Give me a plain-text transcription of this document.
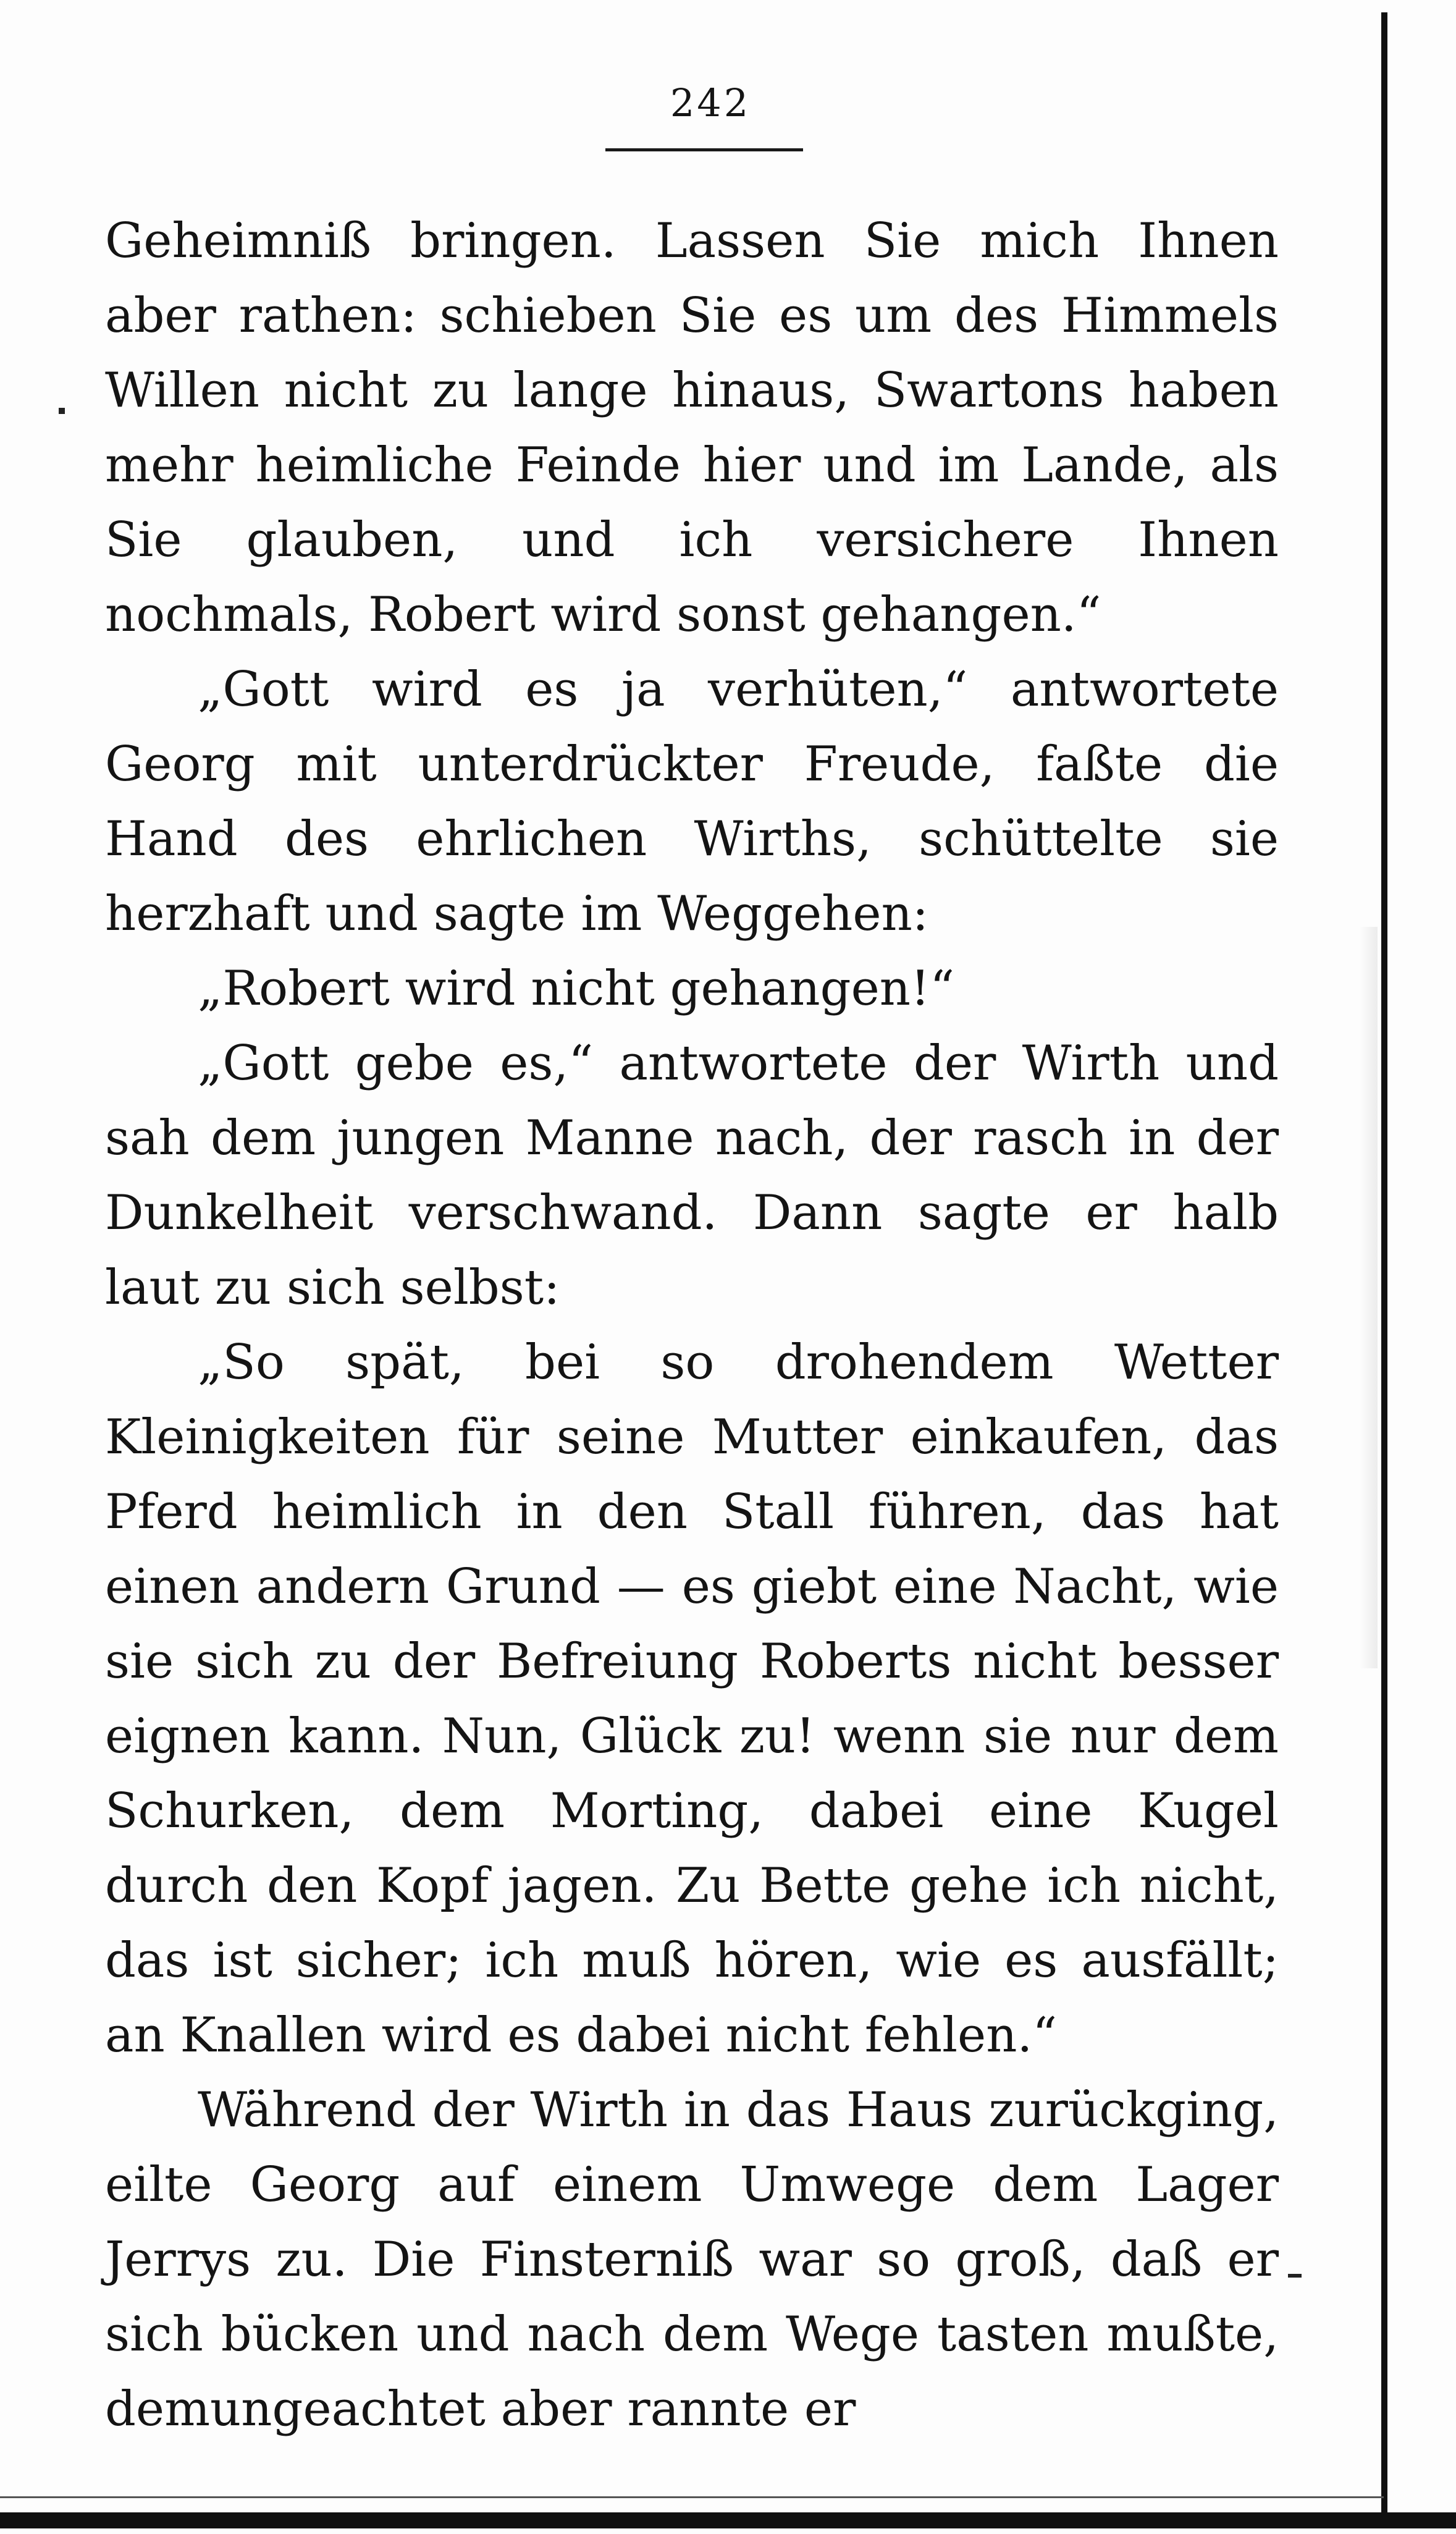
242

Geheimniß bringen. Lassen Sie mich Ihnen aber rathen: schieben Sie es um des Himmels Willen nicht zu lange hinaus, Swartons haben mehr heimliche Feinde hier und im Lande, als Sie glauben, und ich versichere Ihnen nochmals, Robert wird sonst gehangen.“

„Gott wird es ja verhüten,“ antwortete Georg mit unterdrückter Freude, faßte die Hand des ehrlichen Wirths, schüttelte sie herzhaft und sagte im Weggehen:

„Robert wird nicht gehangen!“

„Gott gebe es,“ antwortete der Wirth und sah dem jungen Manne nach, der rasch in der Dunkelheit verschwand. Dann sagte er halb laut zu sich selbst:

„So spät, bei so drohendem Wetter Kleinigkeiten für seine Mutter einkaufen, das Pferd heimlich in den Stall führen, das hat einen andern Grund — es giebt eine Nacht, wie sie sich zu der Befreiung Roberts nicht besser eignen kann. Nun, Glück zu! wenn sie nur dem Schurken, dem Morting, dabei eine Kugel durch den Kopf jagen. Zu Bette gehe ich nicht, das ist sicher; ich muß hören, wie es ausfällt; an Knallen wird es dabei nicht fehlen.“

Während der Wirth in das Haus zurückging, eilte Georg auf einem Umwege dem Lager Jerrys zu. Die Finsterniß war so groß, daß er sich bücken und nach dem Wege tasten mußte, demungeachtet aber rannte er
